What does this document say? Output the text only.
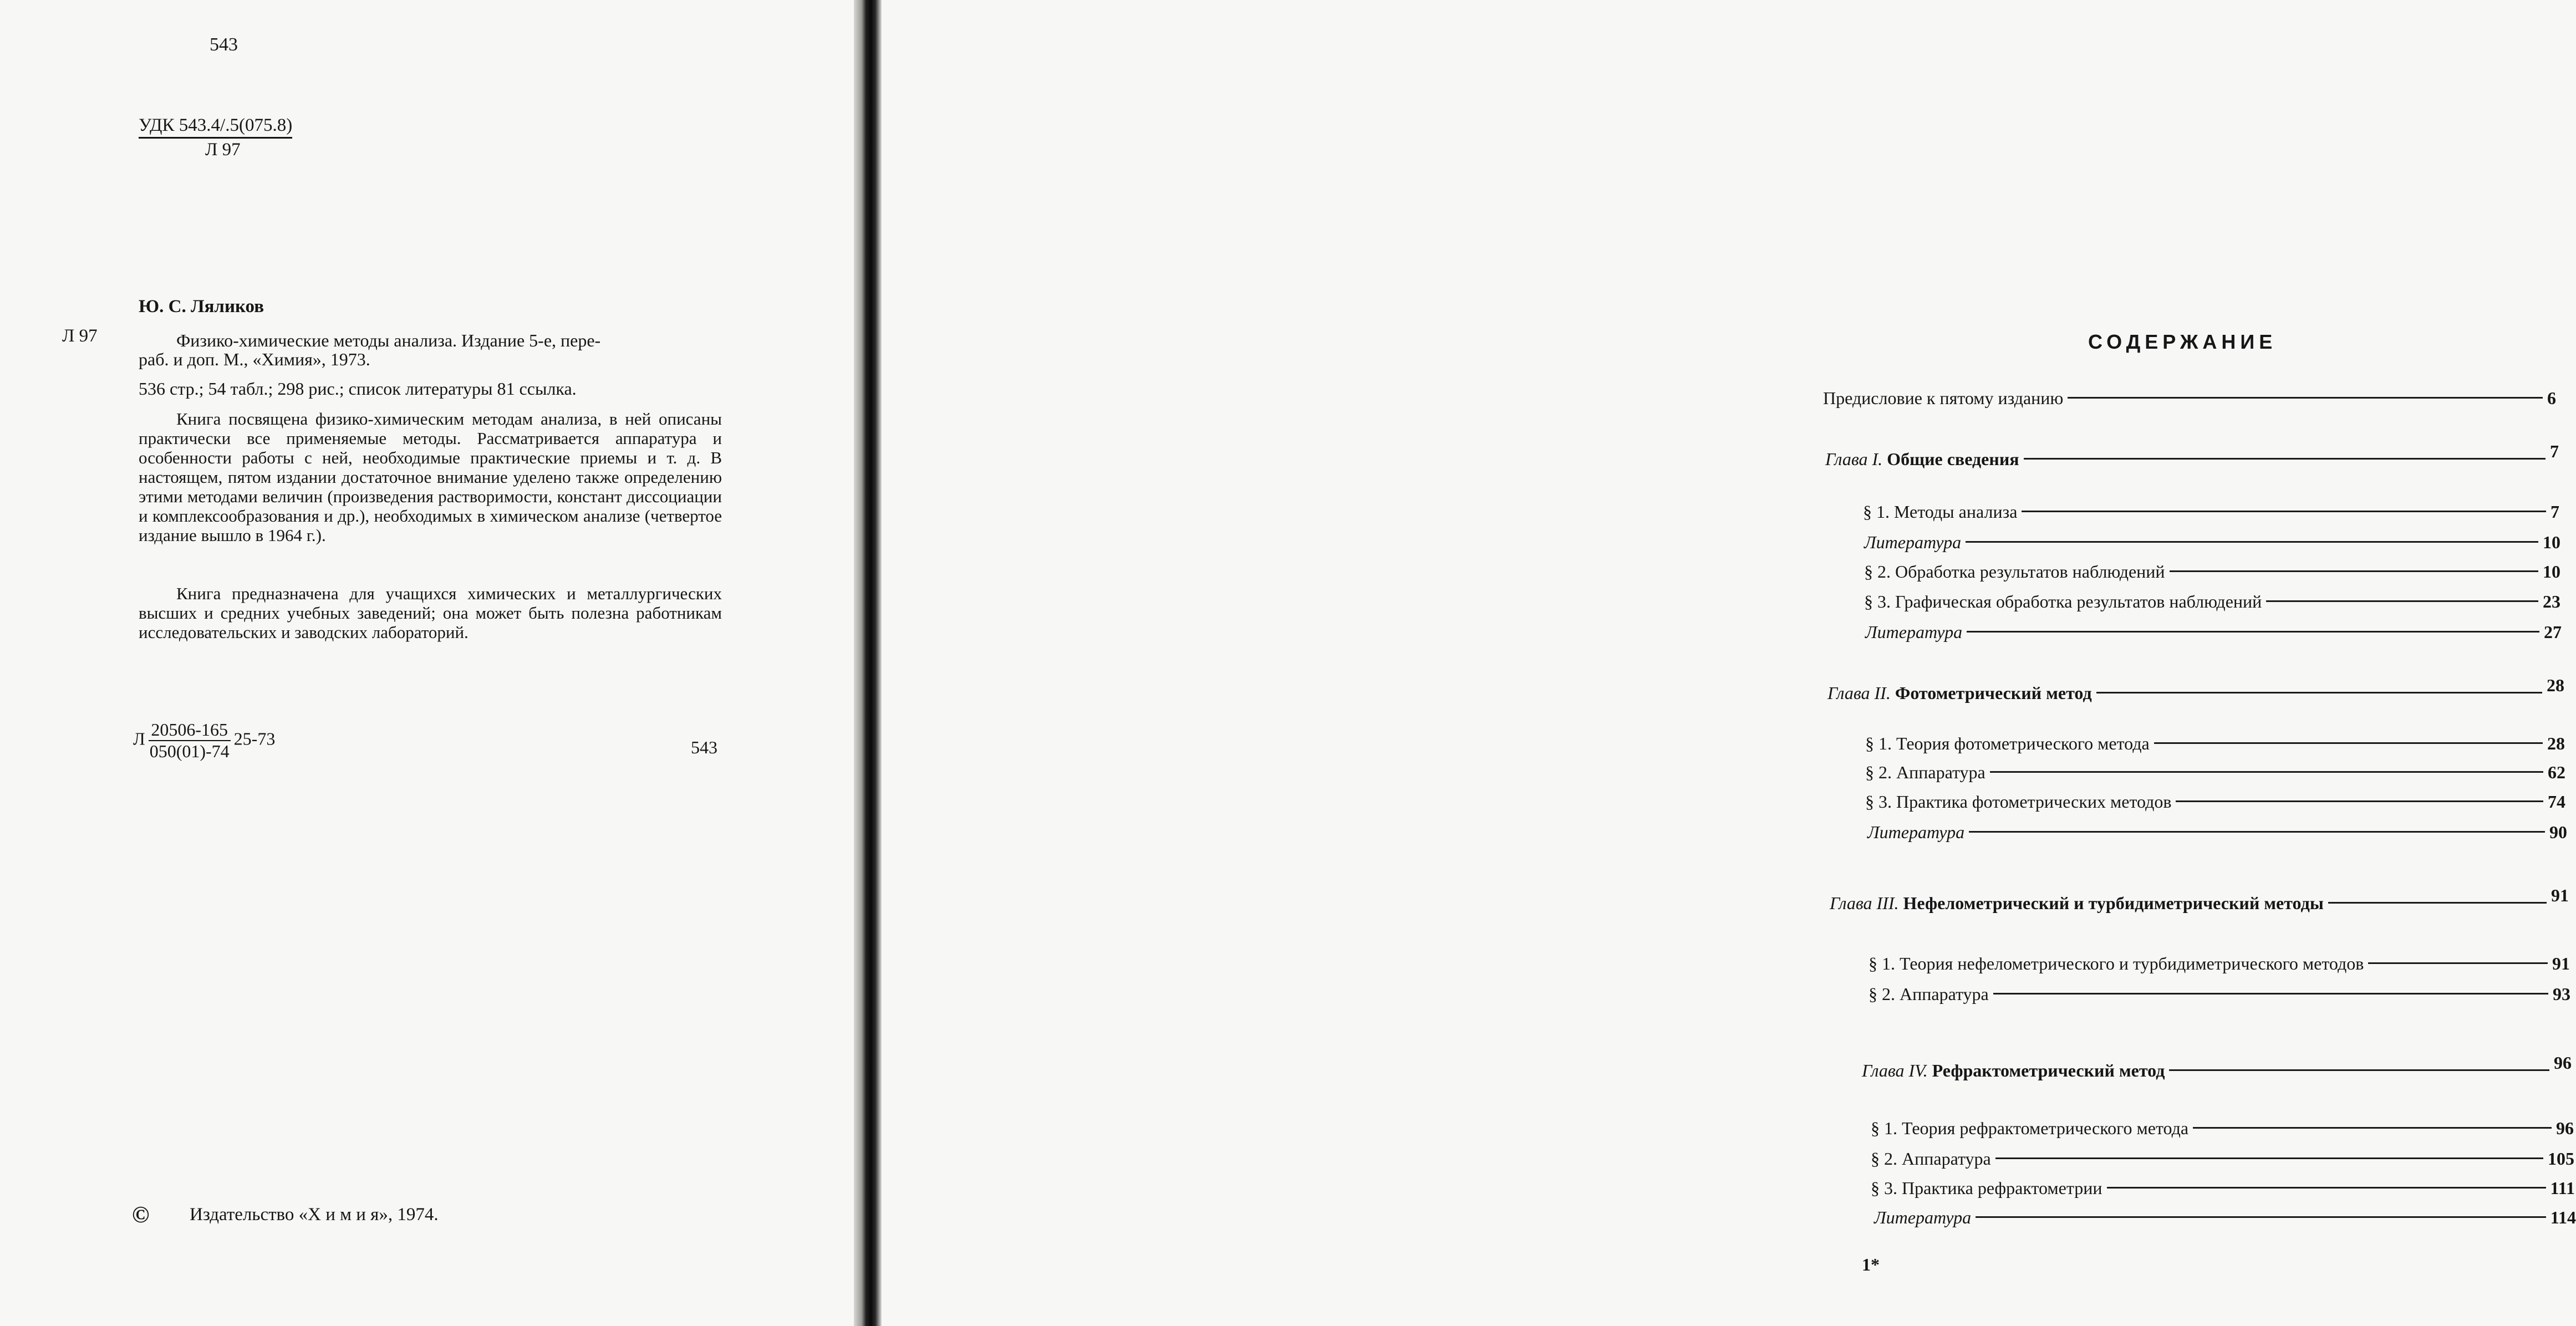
543
УДК 543.4/.5(075.8)
Л 97
Ю. С. Ляликов
Л 97	Физико-химические методы анализа. Издание 5-е, пере-
раб. и доп. М., «Химия», 1973.
536 стр.; 54 табл.; 298 рис.; список литературы 81 ссылка.

Книга посвящена физико-химическим методам анализа, в ней описаны практически все применяемые методы. Рассматривается аппаратура и особенности работы с ней, необходимые практические приемы и т. д. В настоящем, пятом издании достаточное внимание уделено также определению этими методами величин (произведения растворимости, констант диссоциации и комплексообразования и др.), необходимых в химическом анализе (четвертое издание вышло в 1964 г.).

Книга предназначена для учащихся химических и металлургических высших и средних учебных заведений; она может быть полезна работникам исследовательских и заводских лабораторий.

Л $\frac{20506-165}{050(01)-74} 25-73$	543
© Издательство «Х и м и я», 1974.
СОДЕРЖАНИЕ
Предисловие к пятому изданию	6
Глава I. Общие сведения	7
§ 1. Методы анализа	7
Литература	10
§ 2. Обработка результатов наблюдений	10
§ 3. Графическая обработка результатов наблюдений	23
Литература	27
Глава II. Фотометрический метод	28
§ 1. Теория фотометрического метода	28
§ 2. Аппаратура	62
§ 3. Практика фотометрических методов	74
Литература	90
Глава III. Нефелометрический и турбидиметрический методы	91
§ 1. Теория нефелометрического и турбидиметрического методов	91
§ 2. Аппаратура	93
Глава IV. Рефрактометрический метод	96
§ 1. Теория рефрактометрического метода	96
§ 2. Аппаратура	105
§ 3. Практика рефрактометрии	111
Литература	114
1*
